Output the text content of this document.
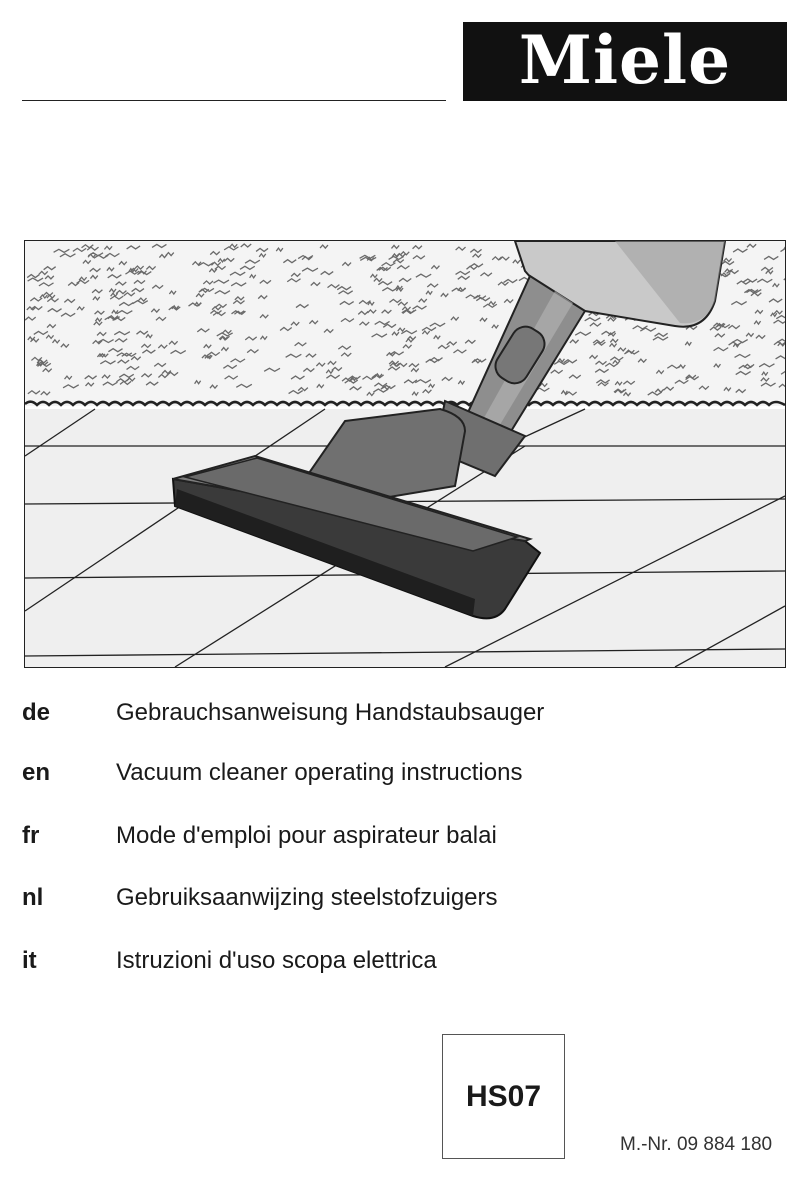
Miele
de	Gebrauchsanweisung Handstaubsauger
en	Vacuum cleaner operating instructions
fr	Mode d'emploi pour aspirateur balai
nl	Gebruiksaanwijzing steelstofzuigers
it	Istruzioni d'uso scopa elettrica
HS07
M.-Nr. 09 884 180
